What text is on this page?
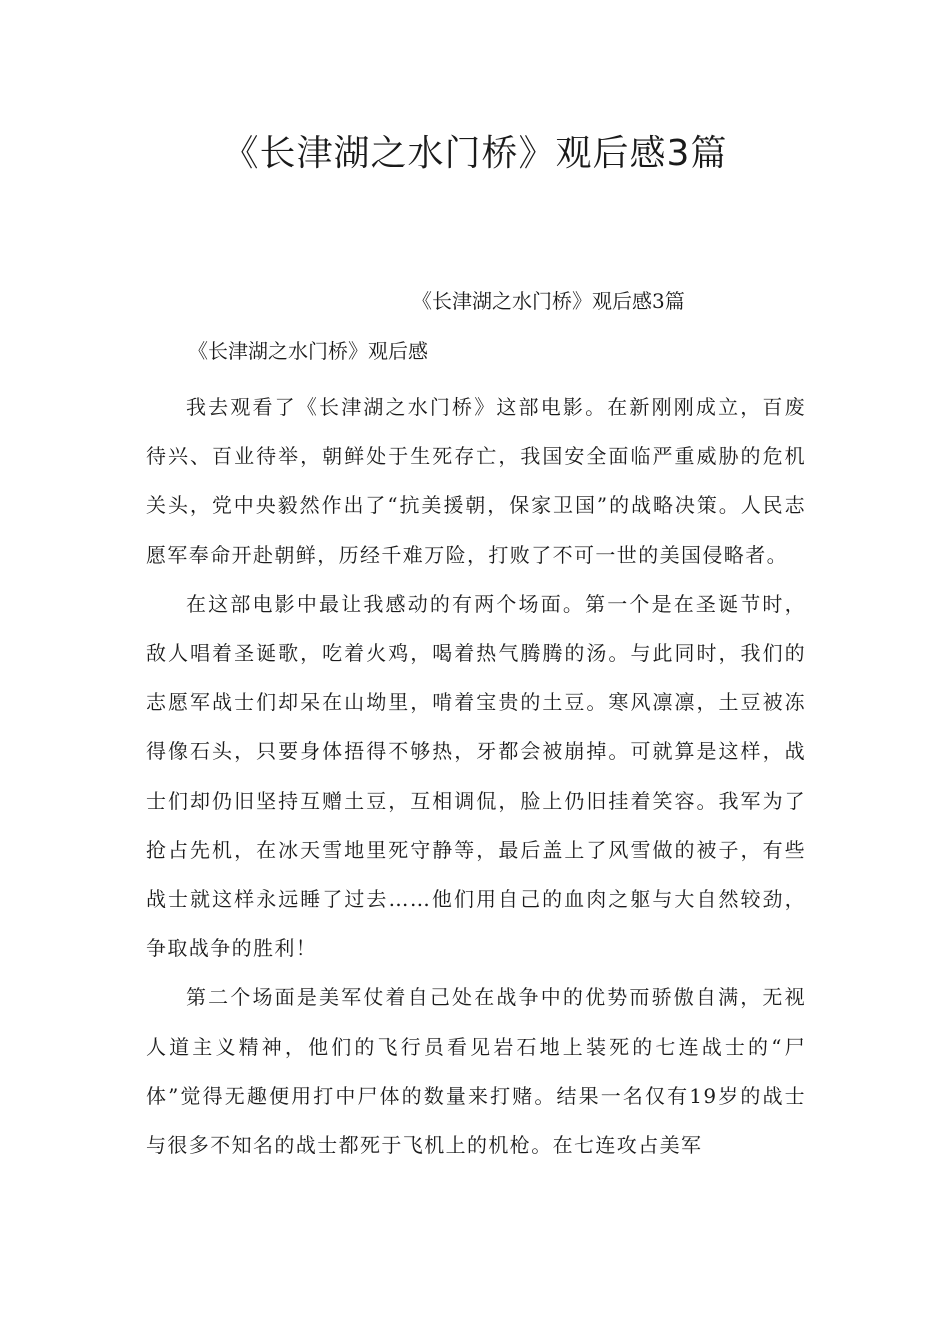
《长津湖之水门桥》观后感3篇

《长津湖之水门桥》观后感3篇

《长津湖之水门桥》观后感

我去观看了《长津湖之水门桥》这部电影。在新刚刚成立，百废待兴、百业待举，朝鲜处于生死存亡，我国安全面临严重威胁的危机关头，党中央毅然作出了“抗美援朝，保家卫国”的战略决策。人民志愿军奉命开赴朝鲜，历经千难万险，打败了不可一世的美国侵略者。

在这部电影中最让我感动的有两个场面。第一个是在圣诞节时，敌人唱着圣诞歌，吃着火鸡，喝着热气腾腾的汤。与此同时，我们的志愿军战士们却呆在山坳里，啃着宝贵的土豆。寒风凛凛，土豆被冻得像石头，只要身体捂得不够热，牙都会被崩掉。可就算是这样，战士们却仍旧坚持互赠土豆，互相调侃，脸上仍旧挂着笑容。我军为了抢占先机，在冰天雪地里死守静等，最后盖上了风雪做的被子，有些战士就这样永远睡了过去……他们用自己的血肉之躯与大自然较劲，争取战争的胜利！

第二个场面是美军仗着自己处在战争中的优势而骄傲自满，无视人道主义精神，他们的飞行员看见岩石地上装死的七连战士的“尸体”觉得无趣便用打中尸体的数量来打赌。结果一名仅有19岁的战士与很多不知名的战士都死于飞机上的机枪。在七连攻占美军
